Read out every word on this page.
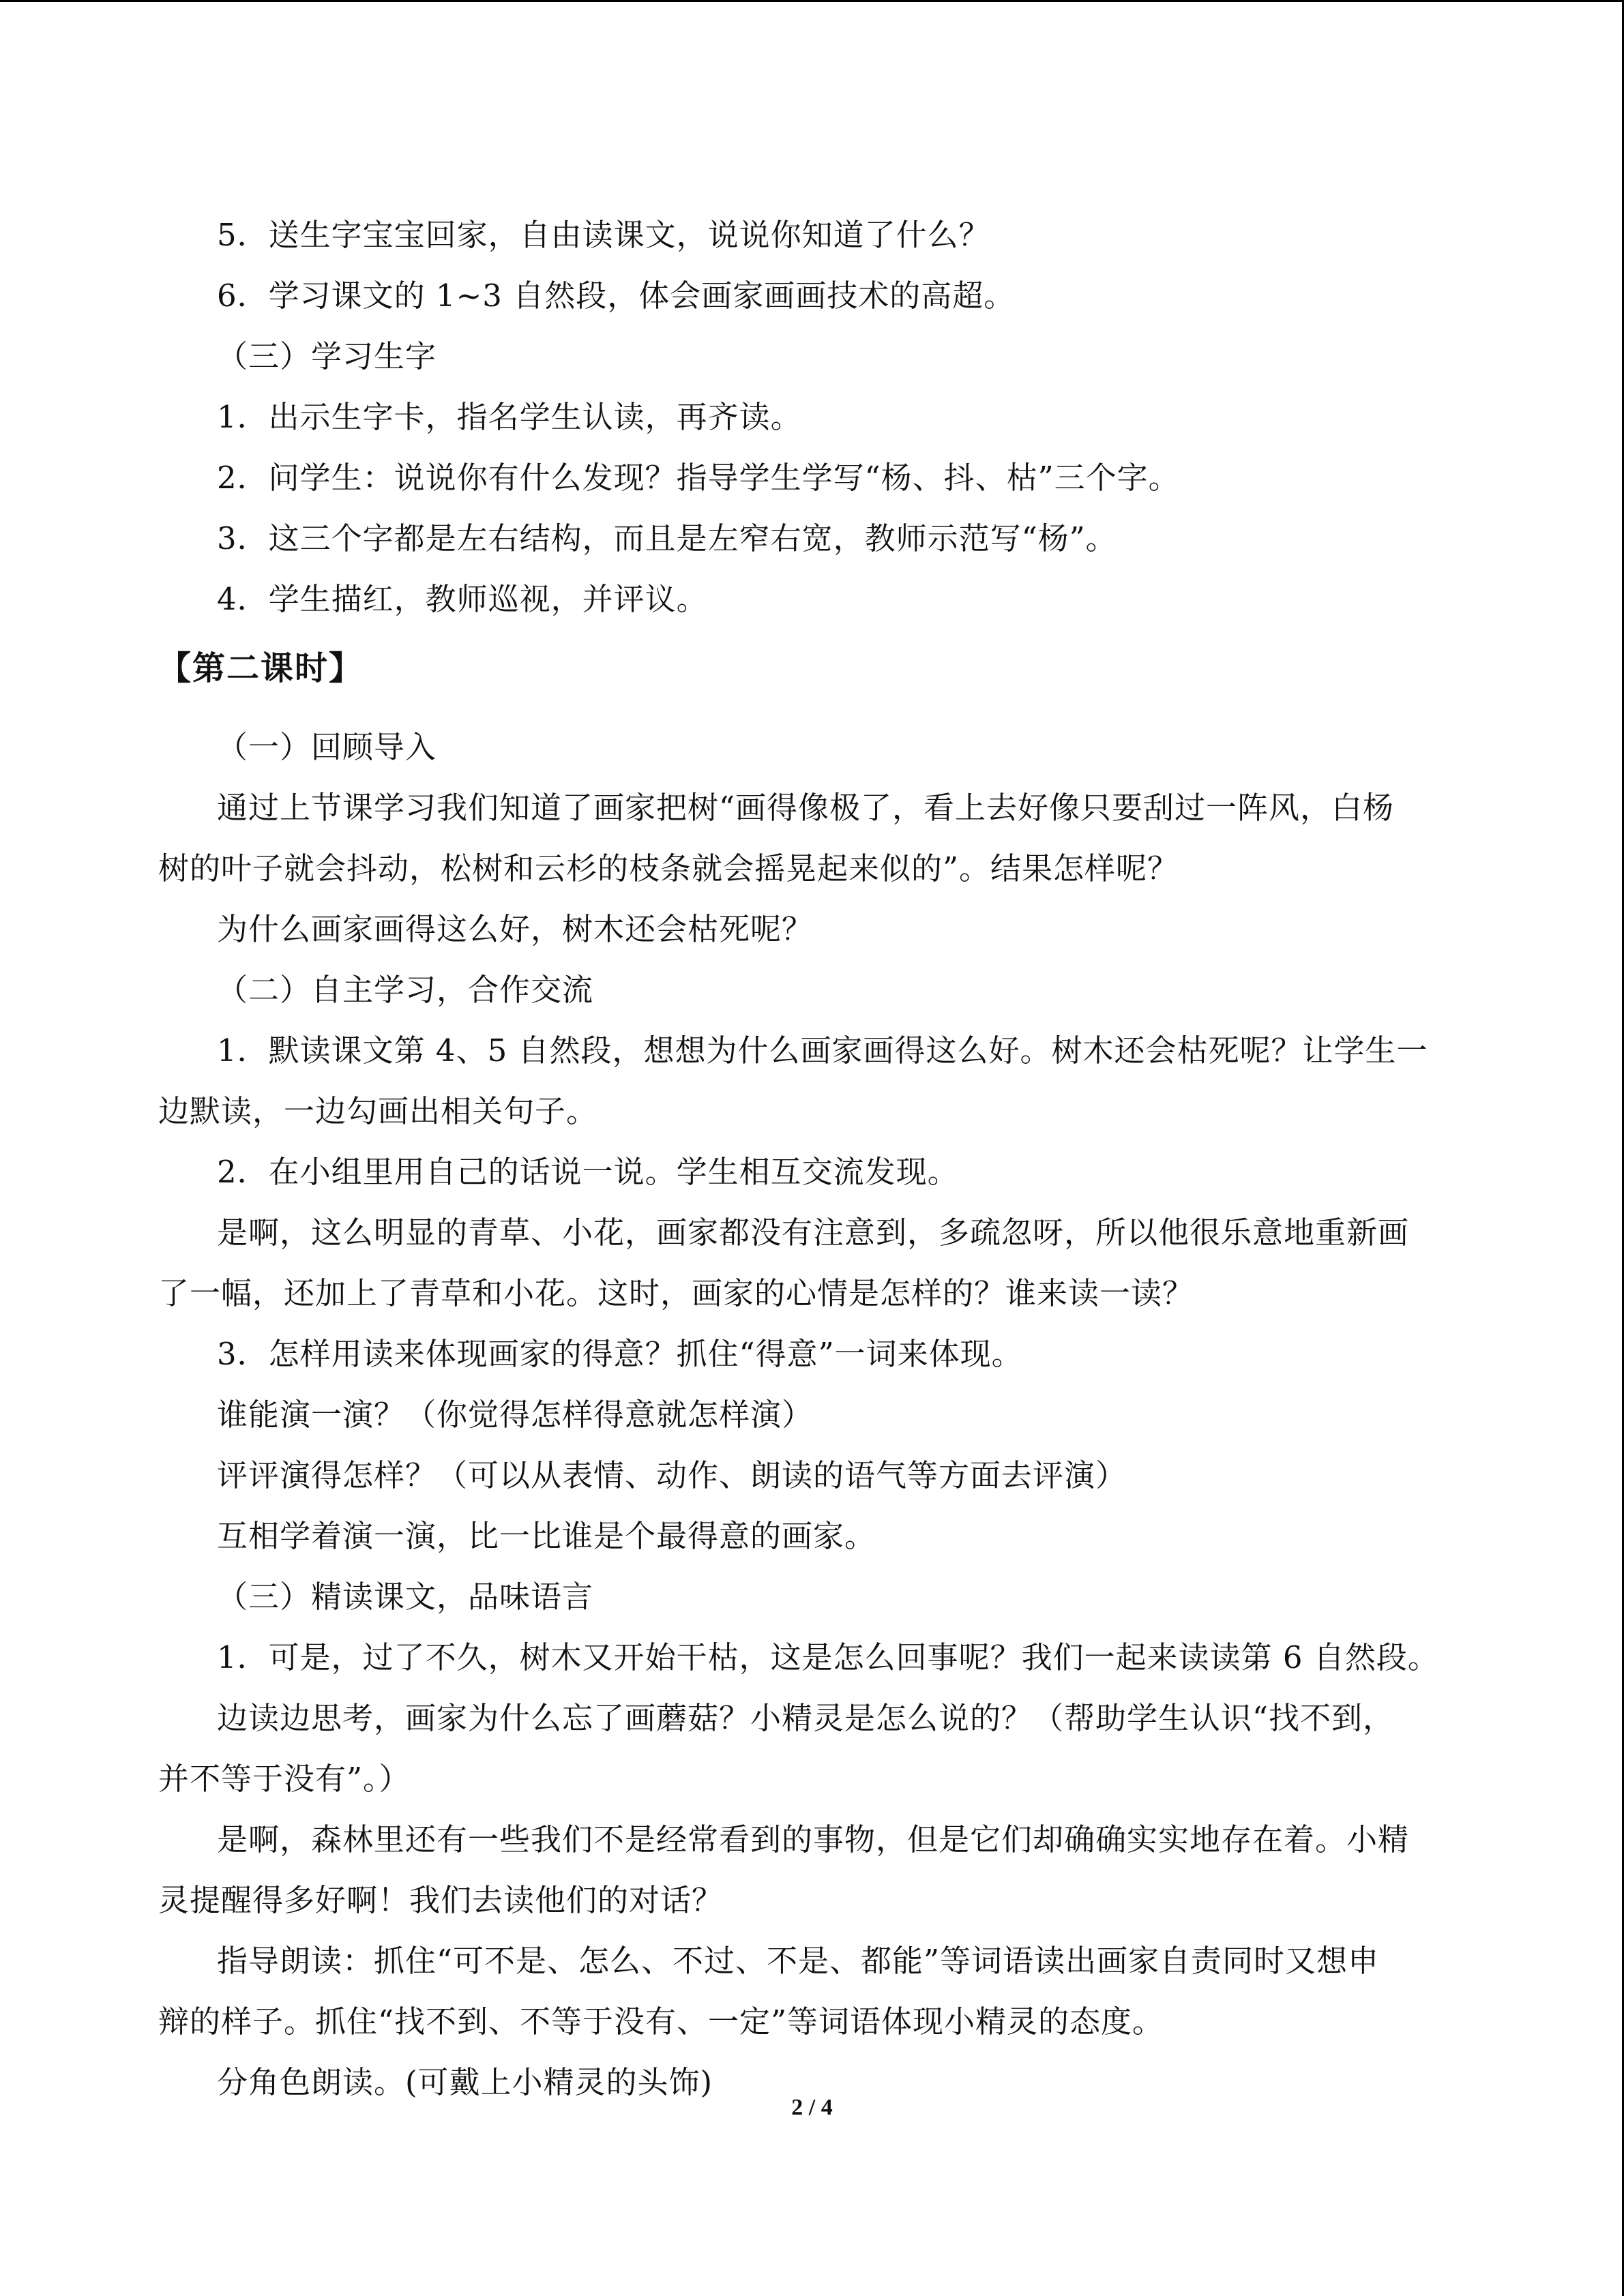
5．送生字宝宝回家，自由读课文，说说你知道了什么？
6．学习课文的 1~3 自然段，体会画家画画技术的高超。
（三）学习生字
1．出示生字卡，指名学生认读，再齐读。
2．问学生：说说你有什么发现？指导学生学写“杨、抖、枯”三个字。
3．这三个字都是左右结构，而且是左窄右宽，教师示范写“杨”。
4．学生描红，教师巡视，并评议。
【第二课时】
（一）回顾导入
通过上节课学习我们知道了画家把树“画得像极了，看上去好像只要刮过一阵风，白杨
树的叶子就会抖动，松树和云杉的枝条就会摇晃起来似的”。结果怎样呢？
为什么画家画得这么好，树木还会枯死呢？
（二）自主学习，合作交流
1．默读课文第 4、5 自然段，想想为什么画家画得这么好。树木还会枯死呢？让学生一
边默读，一边勾画出相关句子。
2．在小组里用自己的话说一说。学生相互交流发现。
是啊，这么明显的青草、小花，画家都没有注意到，多疏忽呀，所以他很乐意地重新画
了一幅，还加上了青草和小花。这时，画家的心情是怎样的？谁来读一读？
3．怎样用读来体现画家的得意？抓住“得意”一词来体现。
谁能演一演？（你觉得怎样得意就怎样演）
评评演得怎样？（可以从表情、动作、朗读的语气等方面去评演）
互相学着演一演，比一比谁是个最得意的画家。
（三）精读课文，品味语言
1．可是，过了不久，树木又开始干枯，这是怎么回事呢？我们一起来读读第 6 自然段。
边读边思考，画家为什么忘了画蘑菇？小精灵是怎么说的？（帮助学生认识“找不到，
并不等于没有”。）
是啊，森林里还有一些我们不是经常看到的事物，但是它们却确确实实地存在着。小精
灵提醒得多好啊！我们去读他们的对话？
指导朗读：抓住“可不是、怎么、不过、不是、都能”等词语读出画家自责同时又想申
辩的样子。抓住“找不到、不等于没有、一定”等词语体现小精灵的态度。
分角色朗读。(可戴上小精灵的头饰)
2 / 4
